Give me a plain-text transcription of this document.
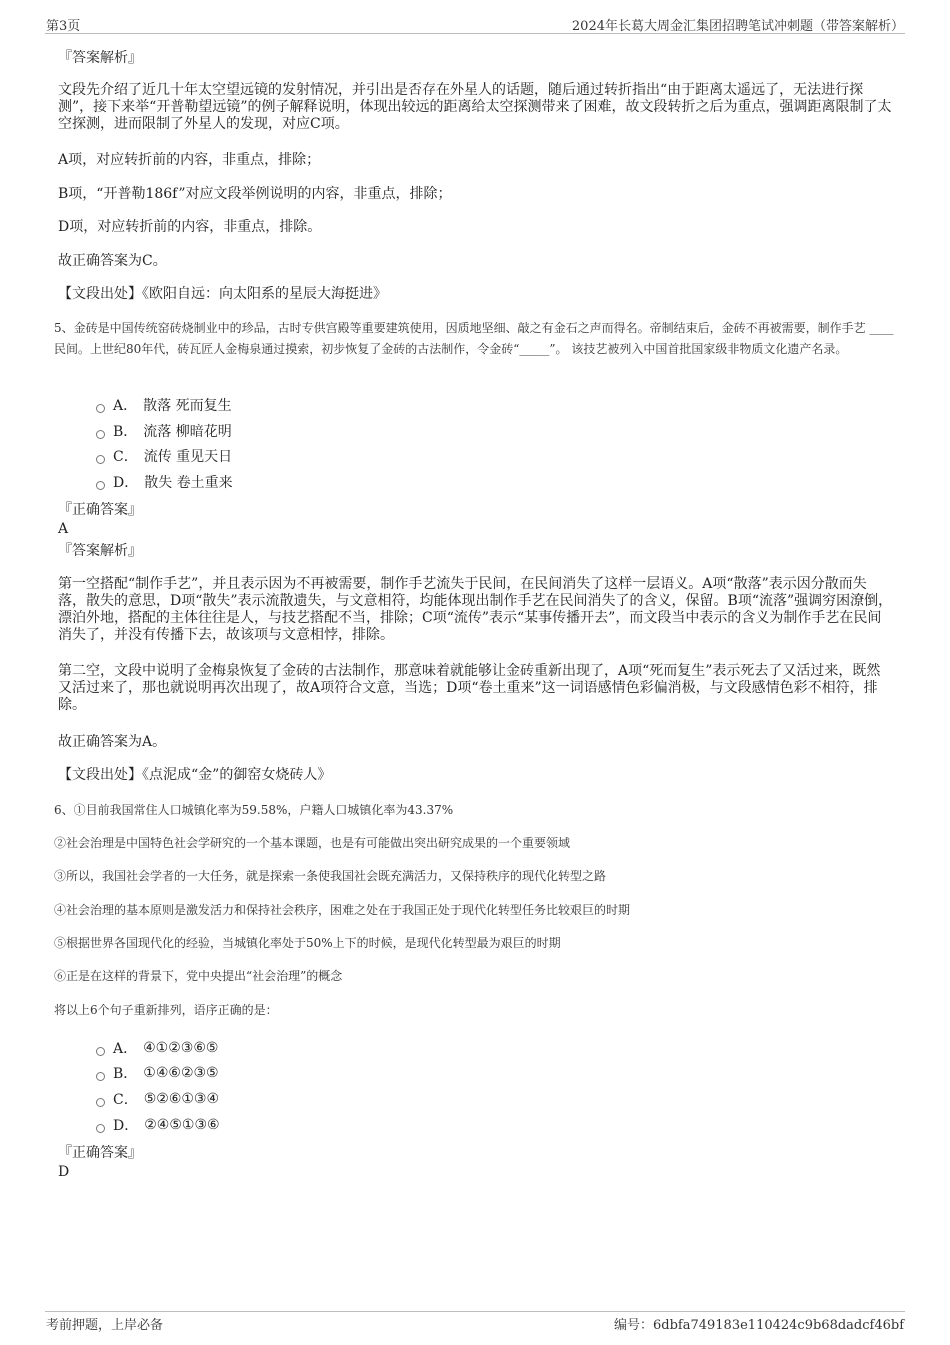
第3页	2024年长葛大周金汇集团招聘笔试冲刺题（带答案解析）
『答案解析』
文段先介绍了近几十年太空望远镜的发射情况，并引出是否存在外星人的话题，随后通过转折指出“由于距离太遥远了，无法进行探测”，接下来举“开普勒望远镜”的例子解释说明，体现出较远的距离给太空探测带来了困难，故文段转折之后为重点，强调距离限制了太空探测，进而限制了外星人的发现，对应C项。
A项，对应转折前的内容，非重点，排除；
B项，“开普勒186f”对应文段举例说明的内容，非重点，排除；
D项，对应转折前的内容，非重点，排除。
故正确答案为C。
【文段出处】《欧阳自远：向太阳系的星辰大海挺进》
5、金砖是中国传统窑砖烧制业中的珍品，古时专供宫殿等重要建筑使用，因质地坚细、敲之有金石之声而得名。帝制结束后，金砖不再被需要，制作手艺 ____民间。上世纪80年代，砖瓦匠人金梅泉通过摸索，初步恢复了金砖的古法制作，令金砖“_____”。 该技艺被列入中国首批国家级非物质文化遗产名录。
A． 散落 死而复生
B． 流落 柳暗花明
C． 流传 重见天日
D． 散失 卷土重来
『正确答案』
A
『答案解析』
第一空搭配“制作手艺”，并且表示因为不再被需要，制作手艺流失于民间，在民间消失了这样一层语义。A项“散落”表示因分散而失落，散失的意思，D项“散失”表示流散遗失，与文意相符，均能体现出制作手艺在民间消失了的含义，保留。B项“流落”强调穷困潦倒，漂泊外地，搭配的主体往往是人，与技艺搭配不当，排除；C项“流传”表示“某事传播开去”，而文段当中表示的含义为制作手艺在民间消失了，并没有传播下去，故该项与文意相悖，排除。
第二空，文段中说明了金梅泉恢复了金砖的古法制作，那意味着就能够让金砖重新出现了，A项“死而复生”表示死去了又活过来，既然又活过来了，那也就说明再次出现了，故A项符合文意，当选；D项“卷土重来”这一词语感情色彩偏消极，与文段感情色彩不相符，排除。
故正确答案为A。
【文段出处】《点泥成“金”的御窑女烧砖人》
6、①目前我国常住人口城镇化率为59.58%，户籍人口城镇化率为43.37%
②社会治理是中国特色社会学研究的一个基本课题，也是有可能做出突出研究成果的一个重要领域
③所以，我国社会学者的一大任务，就是探索一条使我国社会既充满活力，又保持秩序的现代化转型之路
④社会治理的基本原则是激发活力和保持社会秩序，困难之处在于我国正处于现代化转型任务比较艰巨的时期
⑤根据世界各国现代化的经验，当城镇化率处于50%上下的时候，是现代化转型最为艰巨的时期
⑥正是在这样的背景下，党中央提出“社会治理”的概念
将以上6个句子重新排列，语序正确的是：
A． ④①②③⑥⑤
B． ①④⑥②③⑤
C． ⑤②⑥①③④
D． ②④⑤①③⑥
『正确答案』
D
考前押题，上岸必备	编号：6dbfa749183e110424c9b68dadcf46bf
